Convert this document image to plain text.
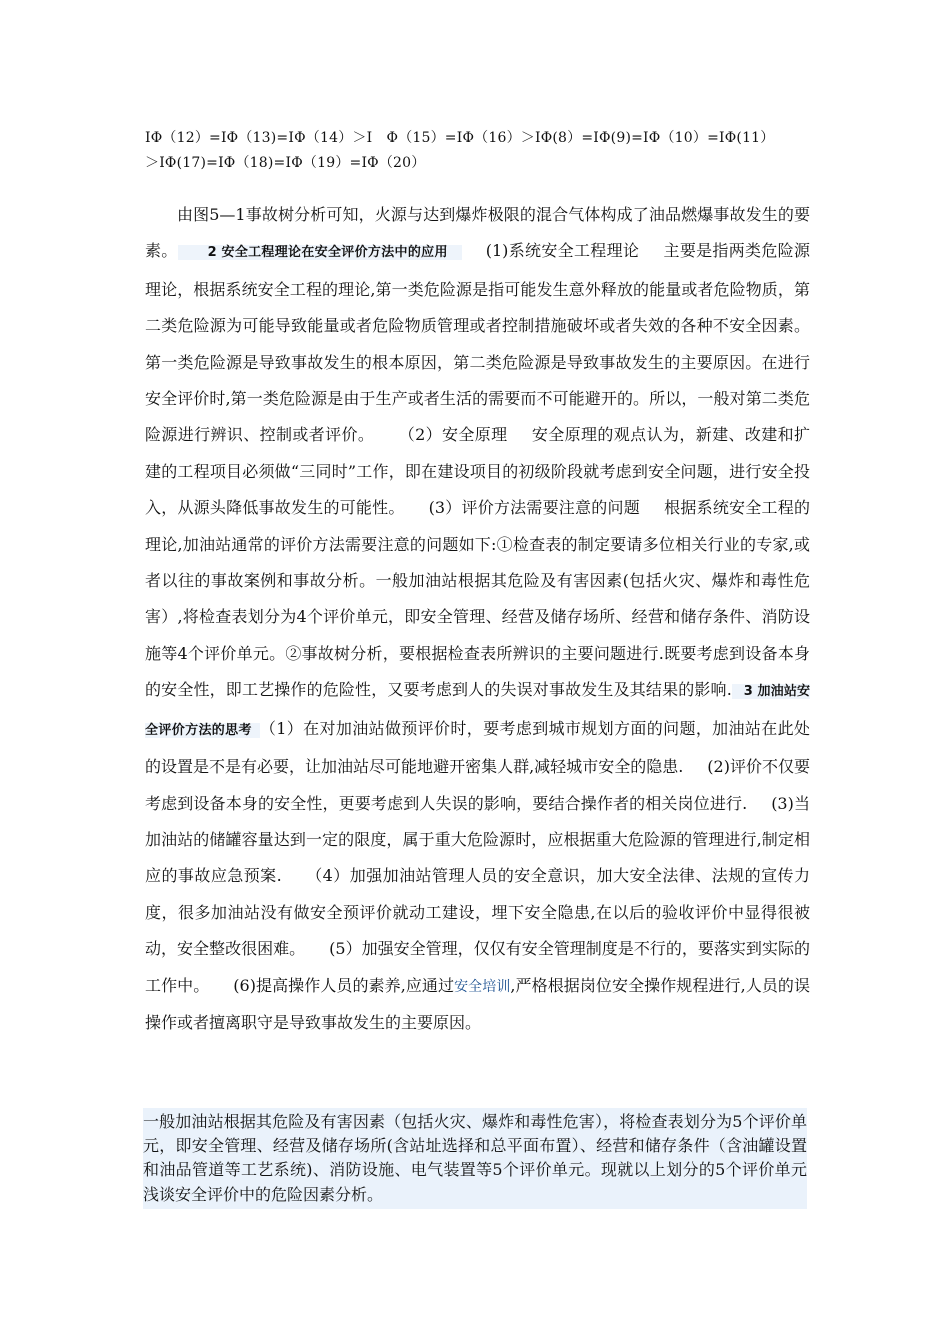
IΦ（12）=IΦ（13)=IΦ（14）＞I　Φ（15）=IΦ（16）＞IΦ(8）=IΦ(9)=IΦ（10）=IΦ(11）
＞IΦ(17)=IΦ（18)=IΦ（19）=IΦ（20）
由图5—1事故树分析可知，火源与达到爆炸极限的混合气体构成了油品燃爆事故发生的要素。 2 安全工程理论在安全评价方法中的应用 (1)系统安全工程理论 主要是指两类危险源理论，根据系统安全工程的理论,第一类危险源是指可能发生意外释放的能量或者危险物质，第二类危险源为可能导致能量或者危险物质管理或者控制措施破坏或者失效的各种不安全因素。第一类危险源是导致事故发生的根本原因，第二类危险源是导致事故发生的主要原因。在进行安全评价时,第一类危险源是由于生产或者生活的需要而不可能避开的。所以，一般对第二类危险源进行辨识、控制或者评价。 （2）安全原理 安全原理的观点认为，新建、改建和扩建的工程项目必须做“三同时”工作，即在建设项目的初级阶段就考虑到安全问题，进行安全投入，从源头降低事故发生的可能性。 (3）评价方法需要注意的问题 根据系统安全工程的理论,加油站通常的评价方法需要注意的问题如下:①检查表的制定要请多位相关行业的专家,或者以往的事故案例和事故分析。一般加油站根据其危险及有害因素(包括火灾、爆炸和毒性危害）,将检查表划分为4个评价单元，即安全管理、经营及储存场所、经营和储存条件、消防设施等4个评价单元。②事故树分析，要根据检查表所辨识的主要问题进行.既要考虑到设备本身的安全性，即工艺操作的危险性，又要考虑到人的失误对事故发生及其结果的影响. 3 加油站安全评价方法的思考 （1）在对加油站做预评价时，要考虑到城市规划方面的问题，加油站在此处的设置是不是有必要，让加油站尽可能地避开密集人群,减轻城市安全的隐患. (2)评价不仅要考虑到设备本身的安全性，更要考虑到人失误的影响，要结合操作者的相关岗位进行. (3)当加油站的储罐容量达到一定的限度，属于重大危险源时，应根据重大危险源的管理进行,制定相应的事故应急预案. （4）加强加油站管理人员的安全意识，加大安全法律、法规的宣传力度，很多加油站没有做安全预评价就动工建设，埋下安全隐患,在以后的验收评价中显得很被动，安全整改很困难。 (5）加强安全管理，仅仅有安全管理制度是不行的，要落实到实际的工作中。 (6)提高操作人员的素养,应通过安全培训,严格根据岗位安全操作规程进行,人员的误操作或者擅离职守是导致事故发生的主要原因。
一般加油站根据其危险及有害因素（包括火灾、爆炸和毒性危害），将检查表划分为5个评价单元，即安全管理、经营及储存场所(含站址选择和总平面布置）、经营和储存条件（含油罐设置和油品管道等工艺系统)、消防设施、电气装置等5个评价单元。现就以上划分的5个评价单元浅谈安全评价中的危险因素分析。
